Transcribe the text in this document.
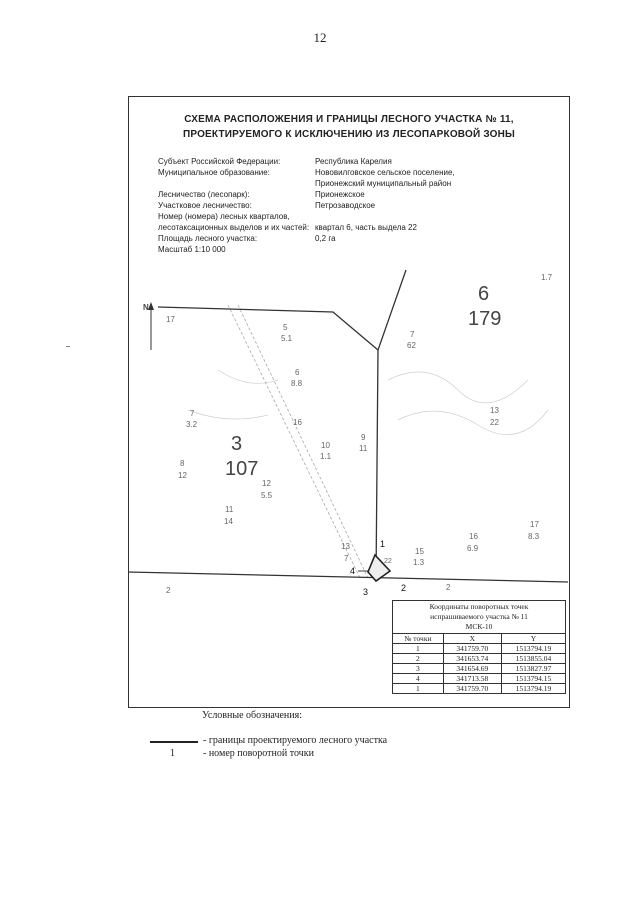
12
СХЕМА РАСПОЛОЖЕНИЯ И ГРАНИЦЫ ЛЕСНОГО УЧАСТКА № 11,
ПРОЕКТИРУЕМОГО К ИСКЛЮЧЕНИЮ ИЗ ЛЕСОПАРКОВОЙ ЗОНЫ
Субъект Российской Федерации:	Республика Карелия
Муниципальное образование:	Нововилговское сельское поселение,
Прионежский муниципальный район
Лесничество (лесопарк):	Прионежское
Участковое лесничество:	Петрозаводское
Номер (номера) лесных кварталов,
лесотаксационных выделов и их частей: квартал 6, часть выдела 22
Площадь лесного участка:	0,2 га
Масштаб 1:10 000
N
3
107
6
179
1.7
17
5
5.1
6
8.8
7
62
7
3.2	16
10
1.1
9
11
13
22
8
12
12
5.5
11
14
16
6.9
17
8.3
13
7
15
1.3
22
2	2
1
2
3
4
Координаты поворотных точек
испрашиваемого участка № 11
МСК-10
№ точки	X	Y
1	341759.70	1513794.19
2	341653.74	1513855.04
3	341654.69	1513827.97
4	341713.58	1513794.15
1	341759.70	1513794.19
Условные обозначения:
- границы проектируемого лесного участка
1	- номер поворотной точки
